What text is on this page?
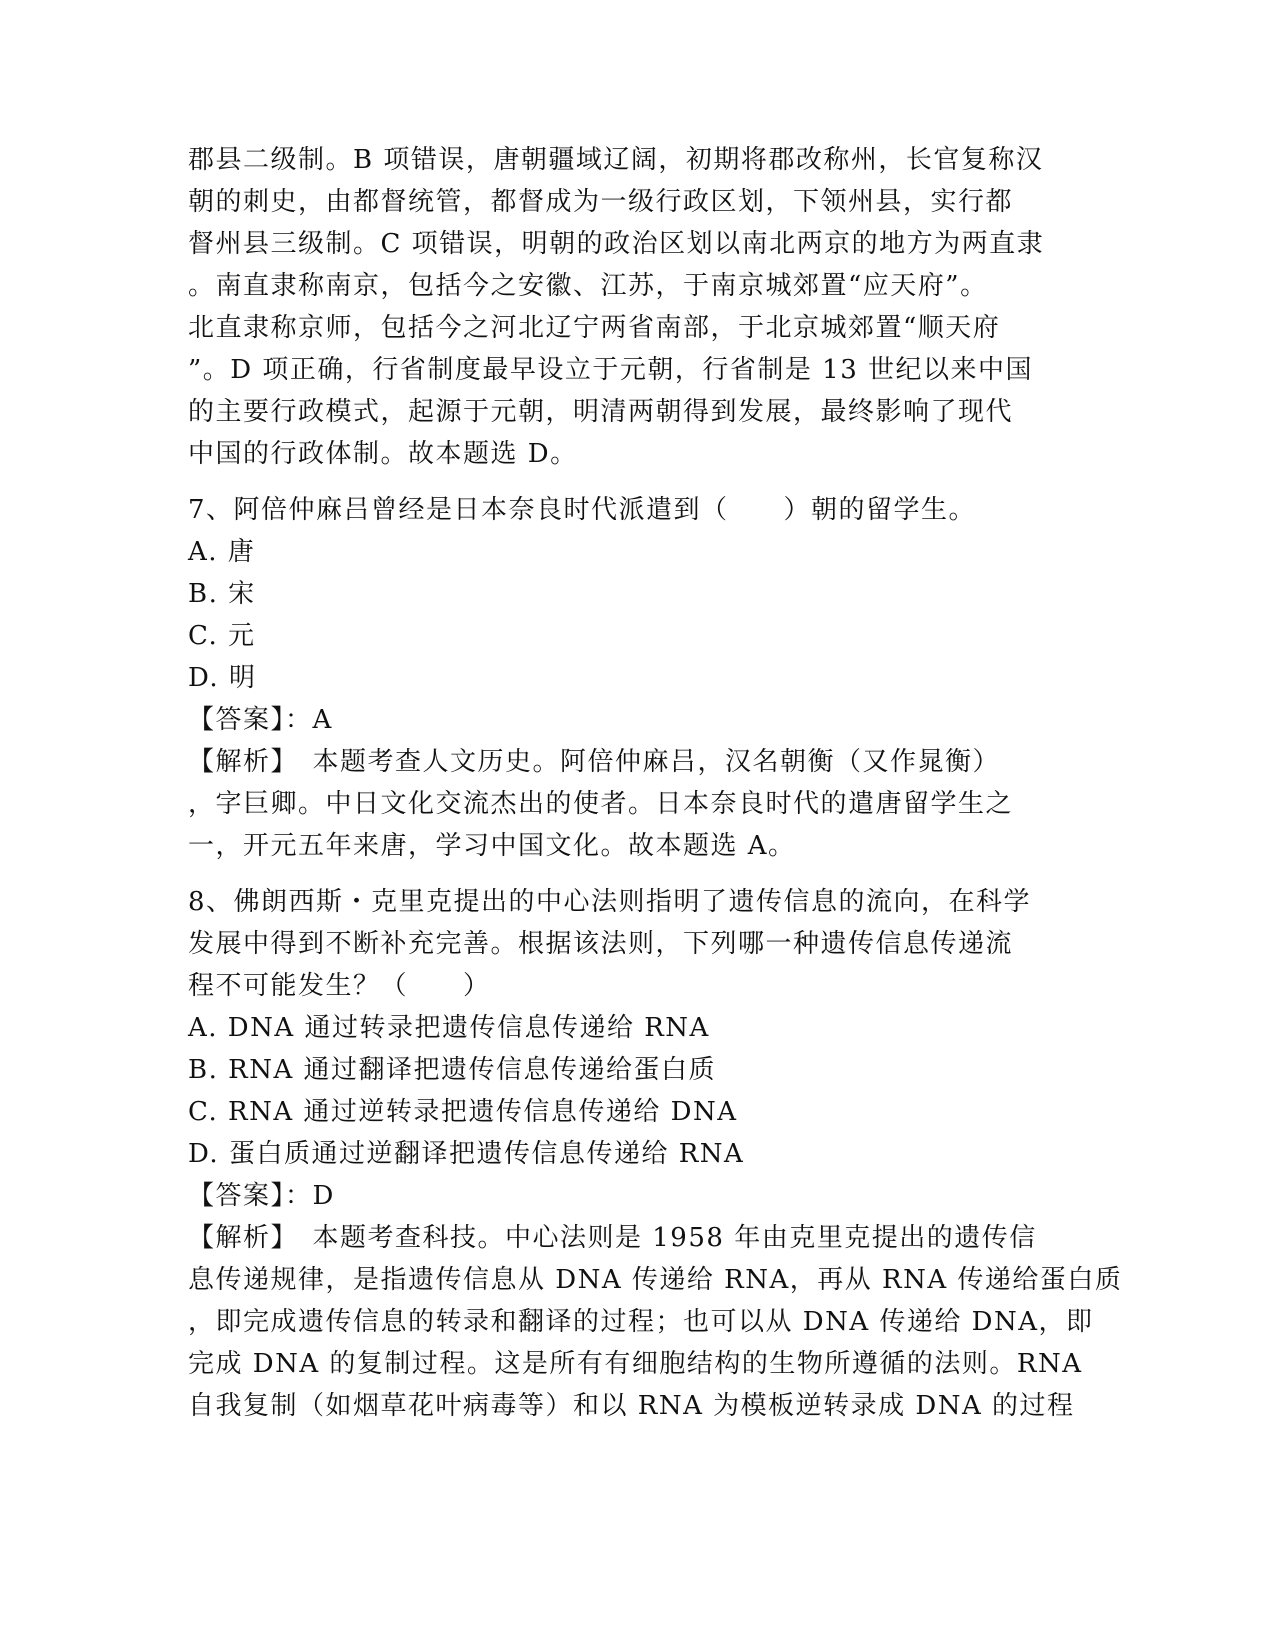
郡县二级制。B 项错误，唐朝疆域辽阔，初期将郡改称州，长官复称汉
朝的刺史，由都督统管，都督成为一级行政区划，下领州县，实行都
督州县三级制。C 项错误，明朝的政治区划以南北两京的地方为两直隶
。南直隶称南京，包括今之安徽、江苏，于南京城郊置“应天府”。
北直隶称京师，包括今之河北辽宁两省南部，于北京城郊置“顺天府
”。D 项正确，行省制度最早设立于元朝，行省制是 13 世纪以来中国
的主要行政模式，起源于元朝，明清两朝得到发展，最终影响了现代
中国的行政体制。故本题选 D。
7、阿倍仲麻吕曾经是日本奈良时代派遣到（　　）朝的留学生。
A. 唐
B. 宋
C. 元
D. 明
【答案】：A
【解析】　本题考查人文历史。阿倍仲麻吕，汉名朝衡（又作晁衡）
，字巨卿。中日文化交流杰出的使者。日本奈良时代的遣唐留学生之
一，开元五年来唐，学习中国文化。故本题选 A。
8、佛朗西斯・克里克提出的中心法则指明了遗传信息的流向，在科学
发展中得到不断补充完善。根据该法则，下列哪一种遗传信息传递流
程不可能发生？（　　）
A. DNA 通过转录把遗传信息传递给 RNA
B. RNA 通过翻译把遗传信息传递给蛋白质
C. RNA 通过逆转录把遗传信息传递给 DNA
D. 蛋白质通过逆翻译把遗传信息传递给 RNA
【答案】：D
【解析】　本题考查科技。中心法则是 1958 年由克里克提出的遗传信
息传递规律，是指遗传信息从 DNA 传递给 RNA，再从 RNA 传递给蛋白质
，即完成遗传信息的转录和翻译的过程；也可以从 DNA 传递给 DNA，即
完成 DNA 的复制过程。这是所有有细胞结构的生物所遵循的法则。RNA
自我复制（如烟草花叶病毒等）和以 RNA 为模板逆转录成 DNA 的过程
